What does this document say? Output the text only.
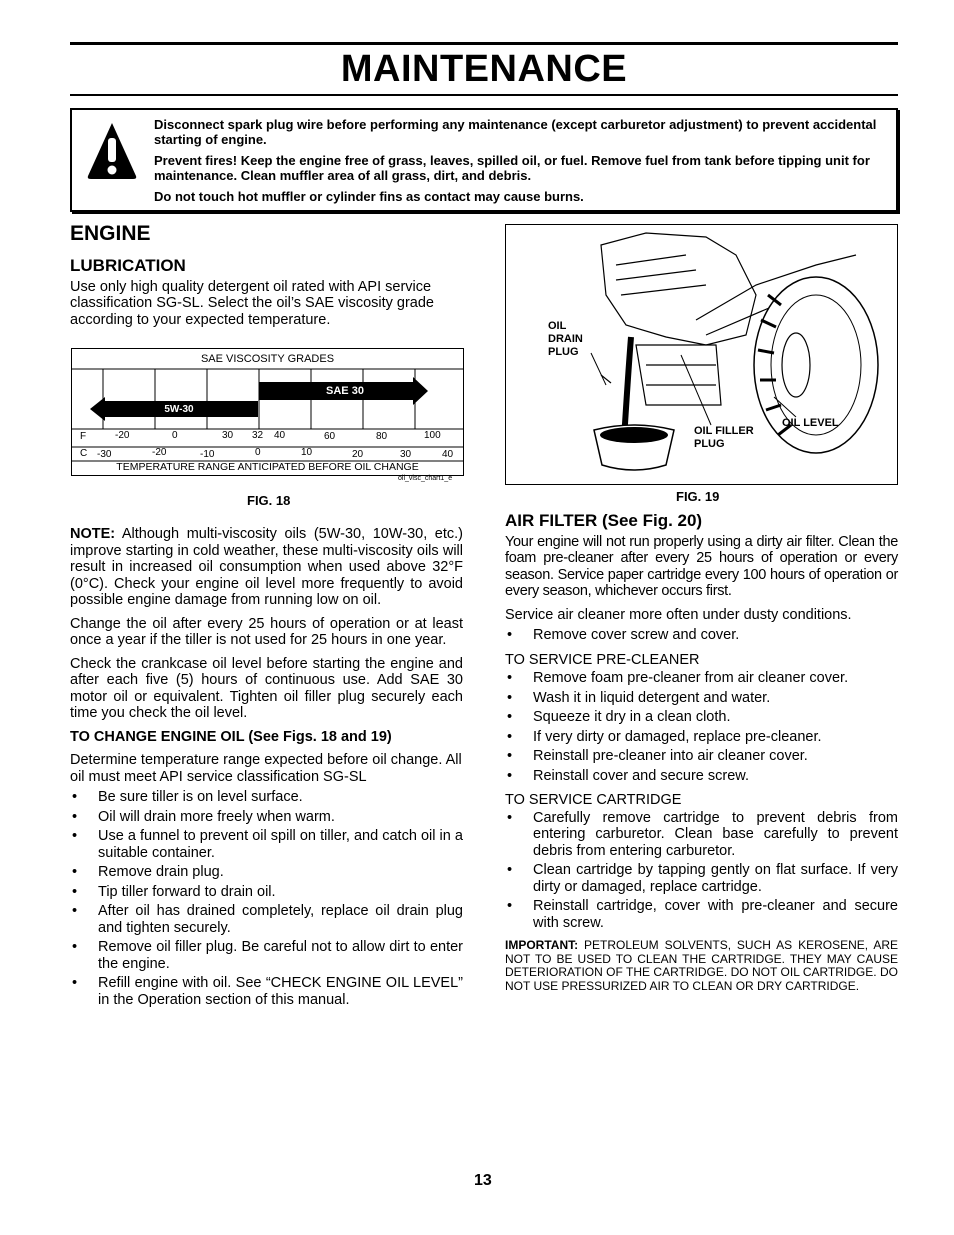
MAINTENANCE

Disconnect spark plug wire before performing any maintenance (except carburetor adjustment) to prevent accidental starting of engine.

Prevent fires! Keep the engine free of grass, leaves, spilled oil, or fuel. Remove fuel from tank before tipping unit for maintenance. Clean muffler area of all grass, dirt, and debris.

Do not touch hot muffler or cylinder fins as contact may cause burns.

ENGINE

LUBRICATION

Use only high quality detergent oil rated with API service classification SG-SL. Select the oil’s SAE viscosity grade according to your expected temperature.

SAE VISCOSITY GRADES
SAE 30
5W-30
F
C
-20	0	30 32 40	60	80	100
-30	-20	-10	0	10	20	30	40
TEMPERATURE RANGE ANTICIPATED BEFORE OIL CHANGE
oil_visc_chart1_e
FIG. 18

NOTE: Although multi-viscosity oils (5W-30, 10W-30, etc.) improve starting in cold weather, these multi-viscosity oils will result in increased oil consumption when used above 32°F (0°C). Check your engine oil level more frequently to avoid possible engine damage from running low on oil.

Change the oil after every 25 hours of operation or at least once a year if the tiller is not used for 25 hours in one year.

Check the crankcase oil level before starting the engine and after each five (5) hours of continuous use. Add SAE 30 motor oil or equivalent. Tighten oil filler plug securely each time you check the oil level.

TO CHANGE ENGINE OIL (See Figs. 18 and 19)

Determine temperature range expected before oil change. All oil must meet API service classification SG-SL

• Be sure tiller is on level surface.
• Oil will drain more freely when warm.
• Use a funnel to prevent oil spill on tiller, and catch oil in a suitable container.
• Remove drain plug.
• Tip tiller forward to drain oil.
• After oil has drained completely, replace oil drain plug and tighten securely.
• Remove oil filler plug. Be careful not to allow dirt to enter the engine.
• Refill engine with oil. See “CHECK ENGINE OIL LEVEL” in the Operation section of this manual.
OIL
DRAIN
PLUG
OIL FILLER
PLUG
OIL LEVEL
FIG. 19

AIR FILTER (See Fig. 20)

Your engine will not run properly using a dirty air filter. Clean the foam pre-cleaner after every 25 hours of operation or every season. Service paper cartridge every 100 hours of operation or every season, whichever occurs first.

Service air cleaner more often under dusty conditions.

• Remove cover screw and cover.

TO SERVICE PRE-CLEANER

• Remove foam pre-cleaner from air cleaner cover.
• Wash it in liquid detergent and water.
• Squeeze it dry in a clean cloth.
• If very dirty or damaged, replace pre-cleaner.
• Reinstall pre-cleaner into air cleaner cover.
• Reinstall cover and secure screw.

TO SERVICE CARTRIDGE

• Carefully remove cartridge to prevent debris from entering carburetor. Clean base carefully to prevent debris from entering carburetor.
• Clean cartridge by tapping gently on flat surface. If very dirty or damaged, replace cartridge.
• Reinstall cartridge, cover with pre-cleaner and secure with screw.

IMPORTANT: PETROLEUM SOLVENTS, SUCH AS KEROSENE, ARE NOT TO BE USED TO CLEAN THE CARTRIDGE. THEY MAY CAUSE DETERIORATION OF THE CARTRIDGE. DO NOT OIL CARTRIDGE. DO NOT USE PRESSURIZED AIR TO CLEAN OR DRY CARTRIDGE.

13
